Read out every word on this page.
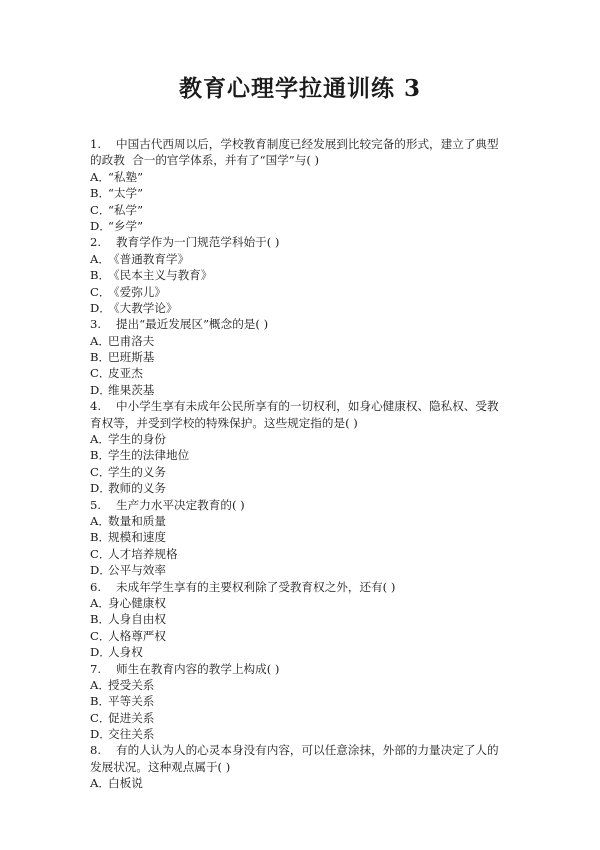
教育心理学拉通训练 3
1. 中国古代西周以后，学校教育制度已经发展到比较完备的形式，建立了典型
的政教  合一的官学体系，并有了“国学”与( )
A．“私塾”
B．“太学”
C．“私学”
D．“乡学”
2. 教育学作为一门规范学科始于( )
A．《普通教育学》
B．《民本主义与教育》
C．《爱弥儿》
D．《大教学论》
3. 提出“最近发展区”概念的是( )
A．巴甫洛夫
B．巴班斯基
C．皮亚杰
D．维果茨基
4. 中小学生享有未成年公民所享有的一切权利，如身心健康权、隐私权、受教
育权等，并受到学校的特殊保护。这些规定指的是( )
A．学生的身份
B．学生的法律地位
C．学生的义务
D．教师的义务
5. 生产力水平决定教育的( )
A．数量和质量
B．规模和速度
C．人才培养规格
D．公平与效率
6. 未成年学生享有的主要权利除了受教育权之外，还有( )
A．身心健康权
B．人身自由权
C．人格尊严权
D．人身权
7. 师生在教育内容的教学上构成( )
A．授受关系
B．平等关系
C．促进关系
D．交往关系
8. 有的人认为人的心灵本身没有内容，可以任意涂抹，外部的力量决定了人的
发展状况。这种观点属于( )
A．白板说
